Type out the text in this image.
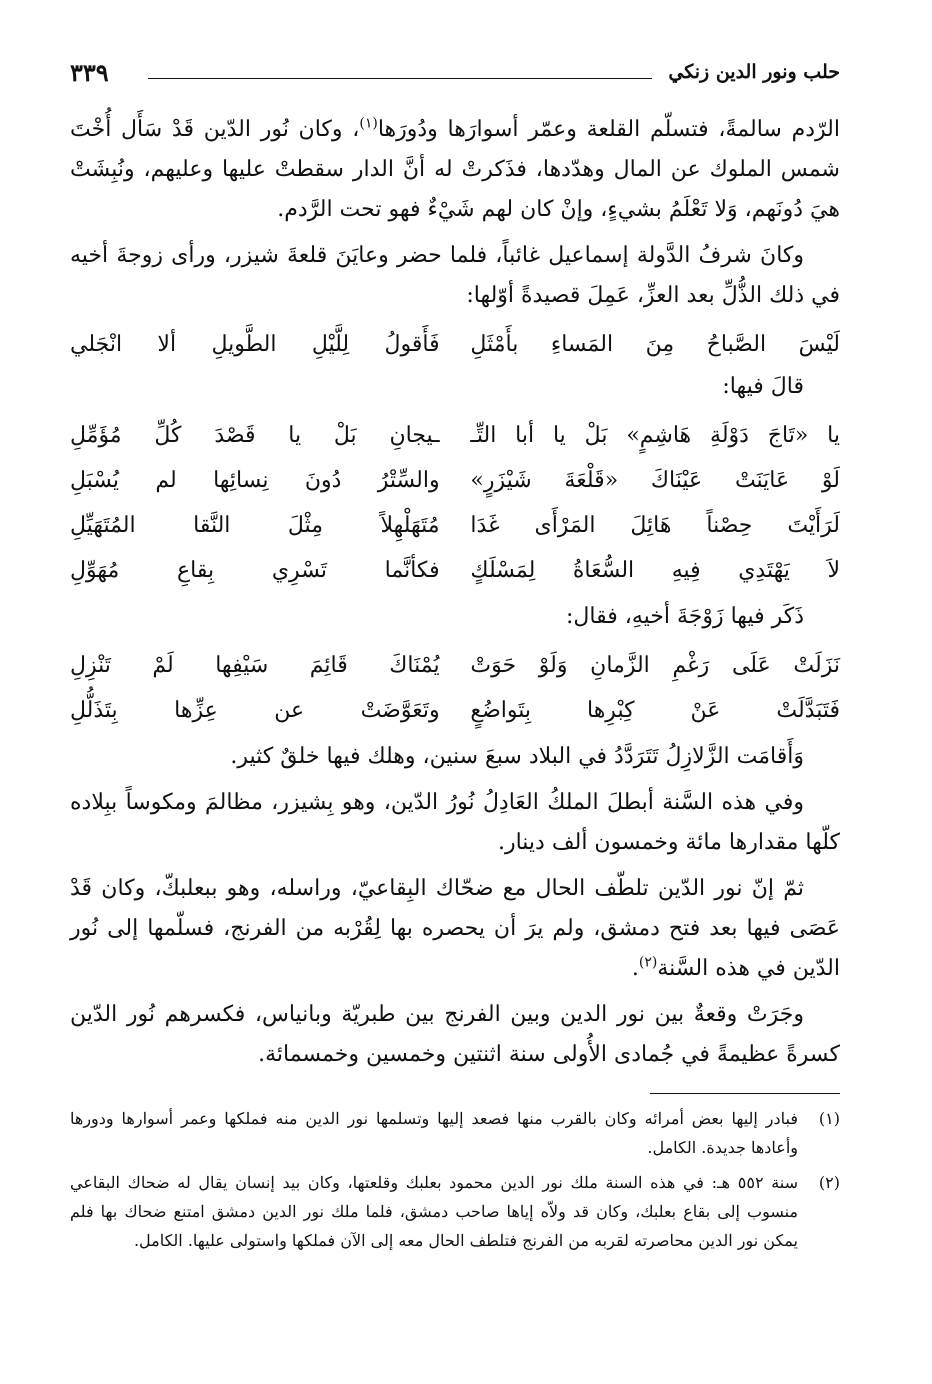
حلب ونور الدين زنكي
٣٣٩

الرّدم سالمةً، فتسلّم القلعة وعمّر أسوارَها ودُورَها$^{(١)}$، وكان نُور الدّين قَدْ سَأَل أُخْتَ شمس الملوك عن المال وهدّدها، فذَكرتْ له أنَّ الدار سقطتْ عليها وعليهم، ونُبِشَتْ هيَ دُونَهم، وَلا تَعْلَمُ بشيءٍ، وإنْ كان لهم شَيْءٌ فهو تحت الرَّدم.

وكانَ شرفُ الدَّولة إسماعيل غائباً، فلما حضر وعايَنَ قلعةَ شيزر، ورأى زوجةَ أخيه في ذلك الذُّلِّ بعد العزِّ، عَمِلَ قصيدةً أوّلها:

لَيْسَ الصَّباحُ مِنَ المَساءِ بأَمْثَلِ
فَأَقولُ لِلَّيْلِ الطَّويلِ ألا انْجَلي

قالَ فيها:

يا «تَاجَ دَوْلَةِ هَاشِمٍ» بَلْ يا أبا التِّـ
ـيجانِ بَلْ يا قَصْدَ كُلِّ مُؤَمِّلِ
لَوْ عَايَنَتْ عَيْنَاكَ «قَلْعَةَ شَيْزَرٍ»
والسِّتْرُ دُونَ نِسائِها لم يُسْبَلِ
لَرَأَيْتَ حِصْناً هَائِلَ المَرْأَى غَدَا
مُتَهَلْهِلاً مِثْلَ النَّقا المُتَهَيِّلِ
لاَ يَهْتَدِي فِيهِ السُّعَاةُ لِمَسْلَكٍ
فكأنَّما تَسْرِي بِقاعِ مُهَوِّلِ

ذَكَر فيها زَوْجَةَ أخيهِ، فقال:

نَزَلَتْ عَلَى رَغْمِ الزَّمانِ وَلَوْ حَوَتْ
يُمْنَاكَ قَائِمَ سَيْفِها لَمْ تَنْزِلِ
فَتَبَدَّلَتْ عَنْ كِبْرِها بِتَواضُعٍ
وتَعَوَّضَتْ عن عِزِّها بِتَذَلُّلِ

وَأَقامَت الزَّلازِلُ تَتَرَدَّدُ في البلاد سبعَ سنين، وهلك فيها خلقٌ كثير.

وفي هذه السَّنة أبطلَ الملكُ العَادِلُ نُورُ الدّين، وهو بِشيزر، مظالمَ ومكوساً ببِلاده كلّها مقدارها مائة وخمسون ألف دينار.

ثمّ إنّ نور الدّين تلطّف الحال مع ضحّاك البِقاعيّ، وراسله، وهو ببعلبكّ، وكان قَدْ عَصَى فيها بعد فتح دمشق، ولم يرَ أن يحصره بها لِقُرْبه من الفرنج، فسلّمها إلى نُور الدّين في هذه السَّنة$^{(٢)}$.

وجَرَتْ وقعةٌ بين نور الدين وبين الفرنج بين طبريّة وبانياس، فكسرهم نُور الدّين كسرةً عظيمةً في جُمادى الأُولى سنة اثنتين وخمسين وخمسمائة.

(١)
فبادر إليها بعض أمرائه وكان بالقرب منها فصعد إليها وتسلمها نور الدين منه فملكها وعمر أسوارها ودورها وأعادها جديدة. الكامل.
(٢)
سنة ٥٥٢ هـ: في هذه السنة ملك نور الدين محمود بعلبك وقلعتها، وكان بيد إنسان يقال له ضحاك البقاعي منسوب إلى بقاع بعلبك، وكان قد ولاّه إياها صاحب دمشق، فلما ملك نور الدين دمشق امتنع ضحاك بها فلم يمكن نور الدين محاصرته لقربه من الفرنج فتلطف الحال معه إلى الآن فملكها واستولى عليها. الكامل.
